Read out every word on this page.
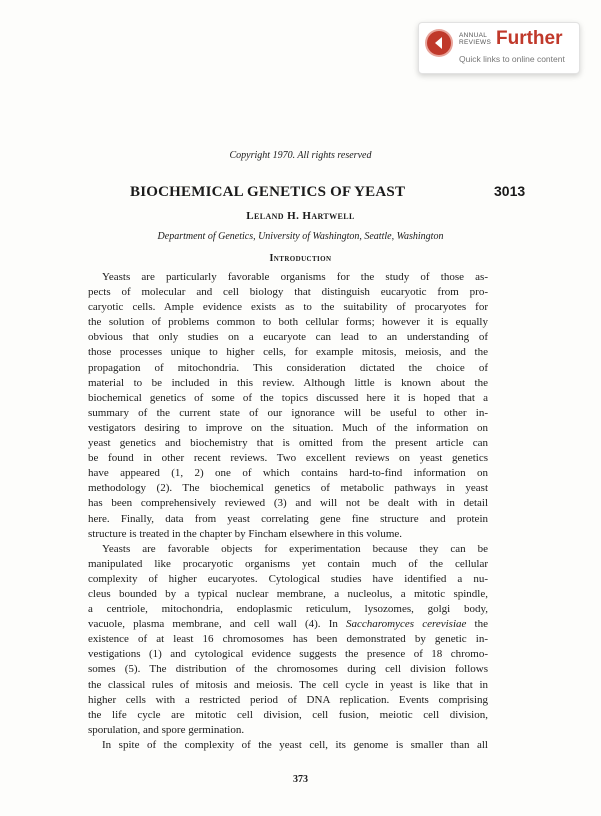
ANNUAL
REVIEWS Further
Quick links to online content
Copyright 1970. All rights reserved
BIOCHEMICAL GENETICS OF YEAST	3013
Leland H. Hartwell
Department of Genetics, University of Washington, Seattle, Washington
Introduction
Yeasts are particularly favorable organisms for the study of those as-
pects of molecular and cell biology that distinguish eucaryotic from pro-
caryotic cells. Ample evidence exists as to the suitability of procaryotes for
the solution of problems common to both cellular forms; however it is equally
obvious that only studies on a eucaryote can lead to an understanding of
those processes unique to higher cells, for example mitosis, meiosis, and the
propagation of mitochondria. This consideration dictated the choice of
material to be included in this review. Although little is known about the
biochemical genetics of some of the topics discussed here it is hoped that a
summary of the current state of our ignorance will be useful to other in-
vestigators desiring to improve on the situation. Much of the information on
yeast genetics and biochemistry that is omitted from the present article can
be found in other recent reviews. Two excellent reviews on yeast genetics
have appeared (1, 2) one of which contains hard-to-find information on
methodology (2). The biochemical genetics of metabolic pathways in yeast
has been comprehensively reviewed (3) and will not be dealt with in detail
here. Finally, data from yeast correlating gene fine structure and protein
structure is treated in the chapter by Fincham elsewhere in this volume.
Yeasts are favorable objects for experimentation because they can be
manipulated like procaryotic organisms yet contain much of the cellular
complexity of higher eucaryotes. Cytological studies have identified a nu-
cleus bounded by a typical nuclear membrane, a nucleolus, a mitotic spindle,
a centriole, mitochondria, endoplasmic reticulum, lysozomes, golgi body,
vacuole, plasma membrane, and cell wall (4). In Saccharomyces cerevisiae the
existence of at least 16 chromosomes has been demonstrated by genetic in-
vestigations (1) and cytological evidence suggests the presence of 18 chromo-
somes (5). The distribution of the chromosomes during cell division follows
the classical rules of mitosis and meiosis. The cell cycle in yeast is like that in
higher cells with a restricted period of DNA replication. Events comprising
the life cycle are mitotic cell division, cell fusion, meiotic cell division,
sporulation, and spore germination.
In spite of the complexity of the yeast cell, its genome is smaller than all
373
